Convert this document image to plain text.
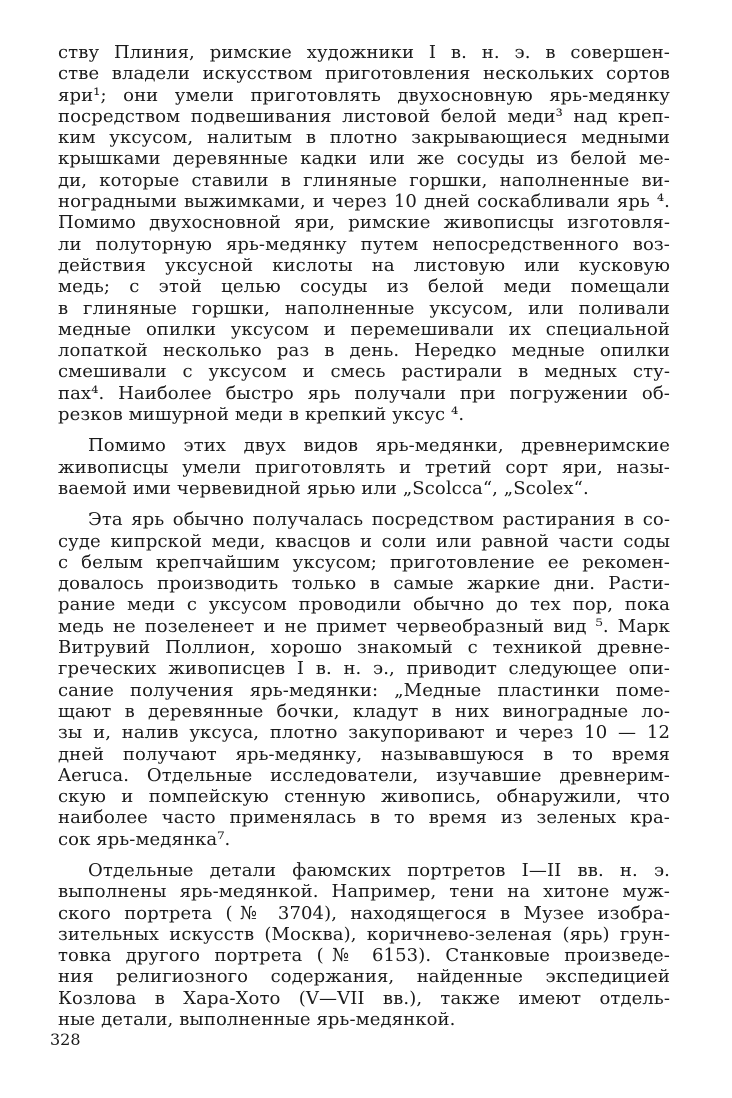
ству Плиния, римские художники I в. н. э. в совершен-
стве владели искусством приготовления нескольких сортов
яри¹; они умели приготовлять двухосновную ярь-медянку
посредством подвешивания листовой белой меди³ над креп-
ким уксусом, налитым в плотно закрывающиеся медными
крышками деревянные кадки или же сосуды из белой ме-
ди, которые ставили в глиняные горшки, наполненные ви-
ноградными выжимками, и через 10 дней соскабливали ярь ⁴.
Помимо двухосновной яри, римские живописцы изготовля-
ли полуторную ярь-медянку путем непосредственного воз-
действия уксусной кислоты на листовую или кусковую
медь; с этой целью сосуды из белой меди помещали
в глиняные горшки, наполненные уксусом, или поливали
медные опилки уксусом и перемешивали их специальной
лопаткой несколько раз в день. Нередко медные опилки
смешивали с уксусом и смесь растирали в медных сту-
пах⁴. Наиболее быстро ярь получали при погружении об-
резков мишурной меди в крепкий уксус ⁴.

Помимо этих двух видов ярь-медянки, древнеримские
живописцы умели приготовлять и третий сорт яри, назы-
ваемой ими червевидной ярью или „Scolcca“, „Scolex“.

Эта ярь обычно получалась посредством растирания в со-
суде кипрской меди, квасцов и соли или равной части соды
с белым крепчайшим уксусом; приготовление ее рекомен-
довалось производить только в самые жаркие дни. Расти-
рание меди с уксусом проводили обычно до тех пор, пока
медь не позеленеет и не примет червеобразный вид ⁵. Марк
Витрувий Поллион, хорошо знакомый с техникой древне-
греческих живописцев I в. н. э., приводит следующее опи-
сание получения ярь-медянки: „Медные пластинки поме-
щают в деревянные бочки, кладут в них виноградные ло-
зы и, налив уксуса, плотно закупоривают и через 10 — 12
дней получают ярь-медянку, называвшуюся в то время
Aeruca. Отдельные исследователи, изучавшие древнерим-
скую и помпейскую стенную живопись, обнаружили, что
наиболее часто применялась в то время из зеленых кра-
сок ярь-медянка⁷.

Отдельные детали фаюмских портретов I—II вв. н. э.
выполнены ярь-медянкой. Например, тени на хитоне муж-
ского портрета (№ 3704), находящегося в Музее изобра-
зительных искусств (Москва), коричнево-зеленая (ярь) грун-
товка другого портрета (№ 6153). Станковые произведе-
ния религиозного содержания, найденные экспедицией
Козлова в Хара-Хото (V—VII вв.), также имеют отдель-
ные детали, выполненные ярь-медянкой.

328
